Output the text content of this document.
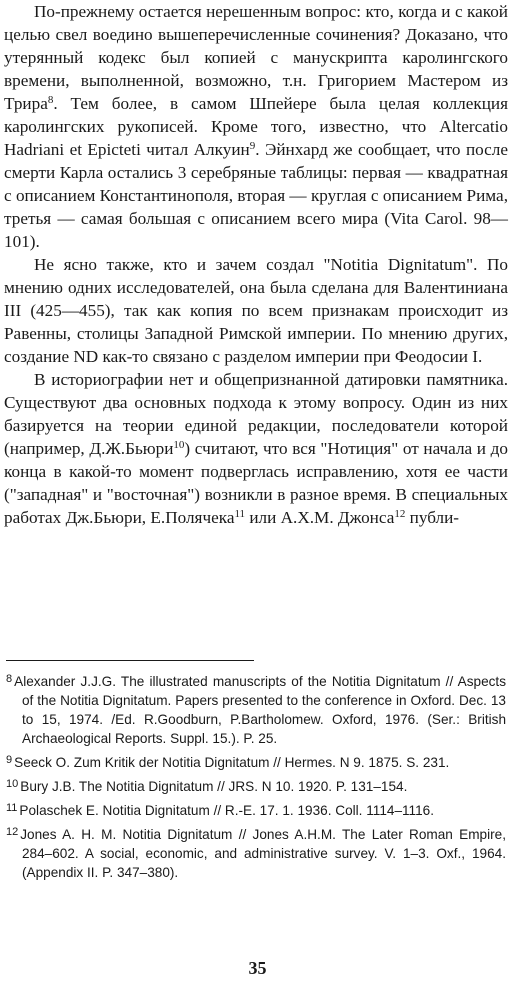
По-прежнему остается нерешенным вопрос: кто, когда и с какой целью свел воедино вышеперечисленные сочинения? Доказано, что утерянный кодекс был копией с манускрипта каролингского времени, выполненной, возможно, т.н. Григорием Мастером из Трира$^8$. Тем более, в самом Шпейере была целая коллекция каролингских рукописей. Кроме того, известно, что Altercatio Hadriani et Epicteti читал Алкуин$^9$. Эйнхард же сообщает, что после смерти Карла остались 3 серебряные таблицы: первая — квадратная с описанием Константинополя, вторая — круглая с описанием Рима, третья — самая большая с описанием всего мира (Vita Carol. 98—101).

Не ясно также, кто и зачем создал "Notitia Dignitatum". По мнению одних исследователей, она была сделана для Валентиниана III (425—455), так как копия по всем признакам происходит из Равенны, столицы Западной Римской империи. По мнению других, создание ND как-то связано с разделом империи при Феодосии I.

В историографии нет и общепризнанной датировки памятника. Существуют два основных подхода к этому вопросу. Один из них базируется на теории единой редакции, последователи которой (например, Д.Ж.Бьюри$^{10}$) считают, что вся "Нотиция" от начала и до конца в какой-то момент подверглась исправлению, хотя ее части ("западная" и "восточная") возникли в разное время. В специальных работах Дж.Бьюри, Е.Полячека$^{11}$ или А.Х.М. Джонса$^{12}$ публи-

$^8$ Alexander J.J.G. The illustrated manuscripts of the Notitia Dignitatum // Aspects of the Notitia Dignitatum. Papers presented to the conference in Oxford. Dec. 13 to 15, 1974. /Ed. R.Goodburn, P.Bartholomew. Oxford, 1976. (Ser.: British Archaeological Reports. Suppl. 15.). P. 25.

$^9$ Seeck O. Zum Kritik der Notitia Dignitatum // Hermes. N 9. 1875. S. 231.

$^{10}$ Bury J.B. The Notitia Dignitatum // JRS. N 10. 1920. P. 131–154.

$^{11}$ Polaschek E. Notitia Dignitatum // R.-E. 17. 1. 1936. Coll. 1114–1116.

$^{12}$ Jones A. H. M. Notitia Dignitatum // Jones A.H.M. The Later Roman Empire, 284–602. A social, economic, and administrative survey. V. 1–3. Oxf., 1964. (Appendix II. P. 347–380).

35
